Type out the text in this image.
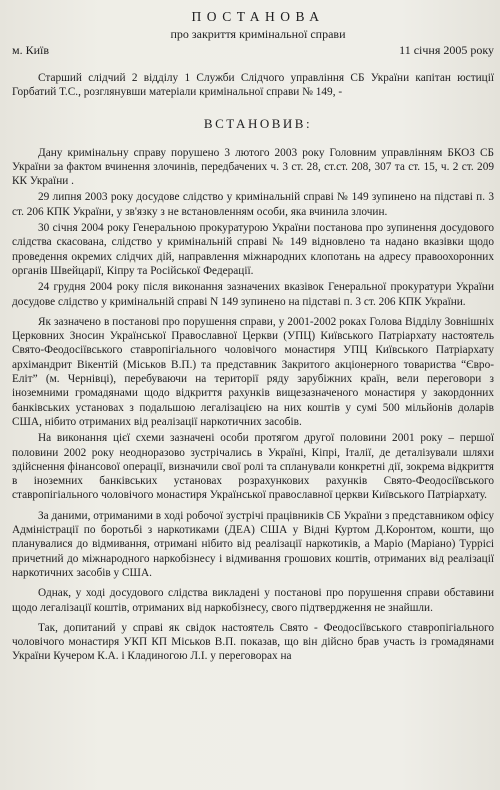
ПОСТАНОВА

про закриття кримінальної справи

м. Київ	11 січня 2005 року

Старший слідчий 2 відділу 1 Служби Слідчого управління СБ України капітан юстиції Горбатий Т.С., розглянувши матеріали кримінальної справи № 149, -

ВСТАНОВИВ:

Дану кримінальну справу порушено 3 лютого 2003 року Головним управлінням БКОЗ СБ України за фактом вчинення злочинів, передбачених ч. 3 ст. 28, ст.ст. 208, 307 та ст. 15, ч. 2 ст. 209 КК України .

29 липня 2003 року досудове слідство у кримінальній справі № 149 зупинено на підставі п. 3 ст. 206 КПК України, у зв'язку з не встановленням особи, яка вчинила злочин.

30 січня 2004 року Генеральною прокуратурою України постанова про зупинення досудового слідства скасована, слідство у кримінальній справі № 149 відновлено та надано вказівки щодо проведення окремих слідчих дій, направлення міжнародних клопотань на адресу правоохоронних органів Швейцарії, Кіпру та Російської Федерації.

24 грудня 2004 року після виконання зазначених вказівок Генеральної прокуратури України досудове слідство у кримінальній справі N 149 зупинено на підставі п. 3 ст. 206 КПК України.

Як зазначено в постанові про порушення справи, у 2001-2002 роках Голова Відділу Зовнішніх Церковних Зносин Української Православної Церкви (УПЦ) Київського Патріархату настоятель Свято-Феодосіївського ставропігіального чоловічого монастиря УПЦ Київського Патріархату архімандрит Вікентій (Міськов В.П.) та представник Закритого акціонерного товариства “Євро-Еліт” (м. Чернівці), перебуваючи на території ряду зарубіжних країн, вели переговори з іноземними громадянами щодо відкриття рахунків вищезазначеного монастиря у закордонних банківських установах з подальшою легалізацією на них коштів у сумі 500 мільйонів доларів США, нібито отриманих від реалізації наркотичних засобів.

На виконання цієї схеми зазначені особи протягом другої половини 2001 року – першої половини 2002 року неодноразово зустрічались в Україні, Кіпрі, Італії, де деталізували шляхи здійснення фінансової операції, визначили свої ролі та спланували конкретні дії, зокрема відкриття в іноземних банківських установах розрахункових рахунків Свято-Феодосіївського ставропігіального чоловічого монастиря Української православної церкви Київського Патріархату.

За даними, отриманими в ході робочої зустрічі працівників СБ України з представником офісу Адміністрації по боротьбі з наркотиками (ДЕА) США у Відні Куртом Д.Коронтом, кошти, що планувалися до відмивання, отримані нібито від реалізації наркотиків, а Маріо (Маріано) Туррісі причетний до міжнародного наркобізнесу і відмивання грошових коштів, отриманих від реалізації наркотичних засобів у США.

Однак, у ході досудового слідства викладені у постанові про порушення справи обставини щодо легалізації коштів, отриманих від наркобізнесу, свого підтвердження не знайшли.

Так, допитаний у справі як свідок настоятель Свято - Феодосіївського ставропігіального чоловічого монастиря УКП КП Міськов В.П. показав, що він дійсно брав участь із громадянами України Кучером К.А. і Кладиногою Л.І. у переговорах на
